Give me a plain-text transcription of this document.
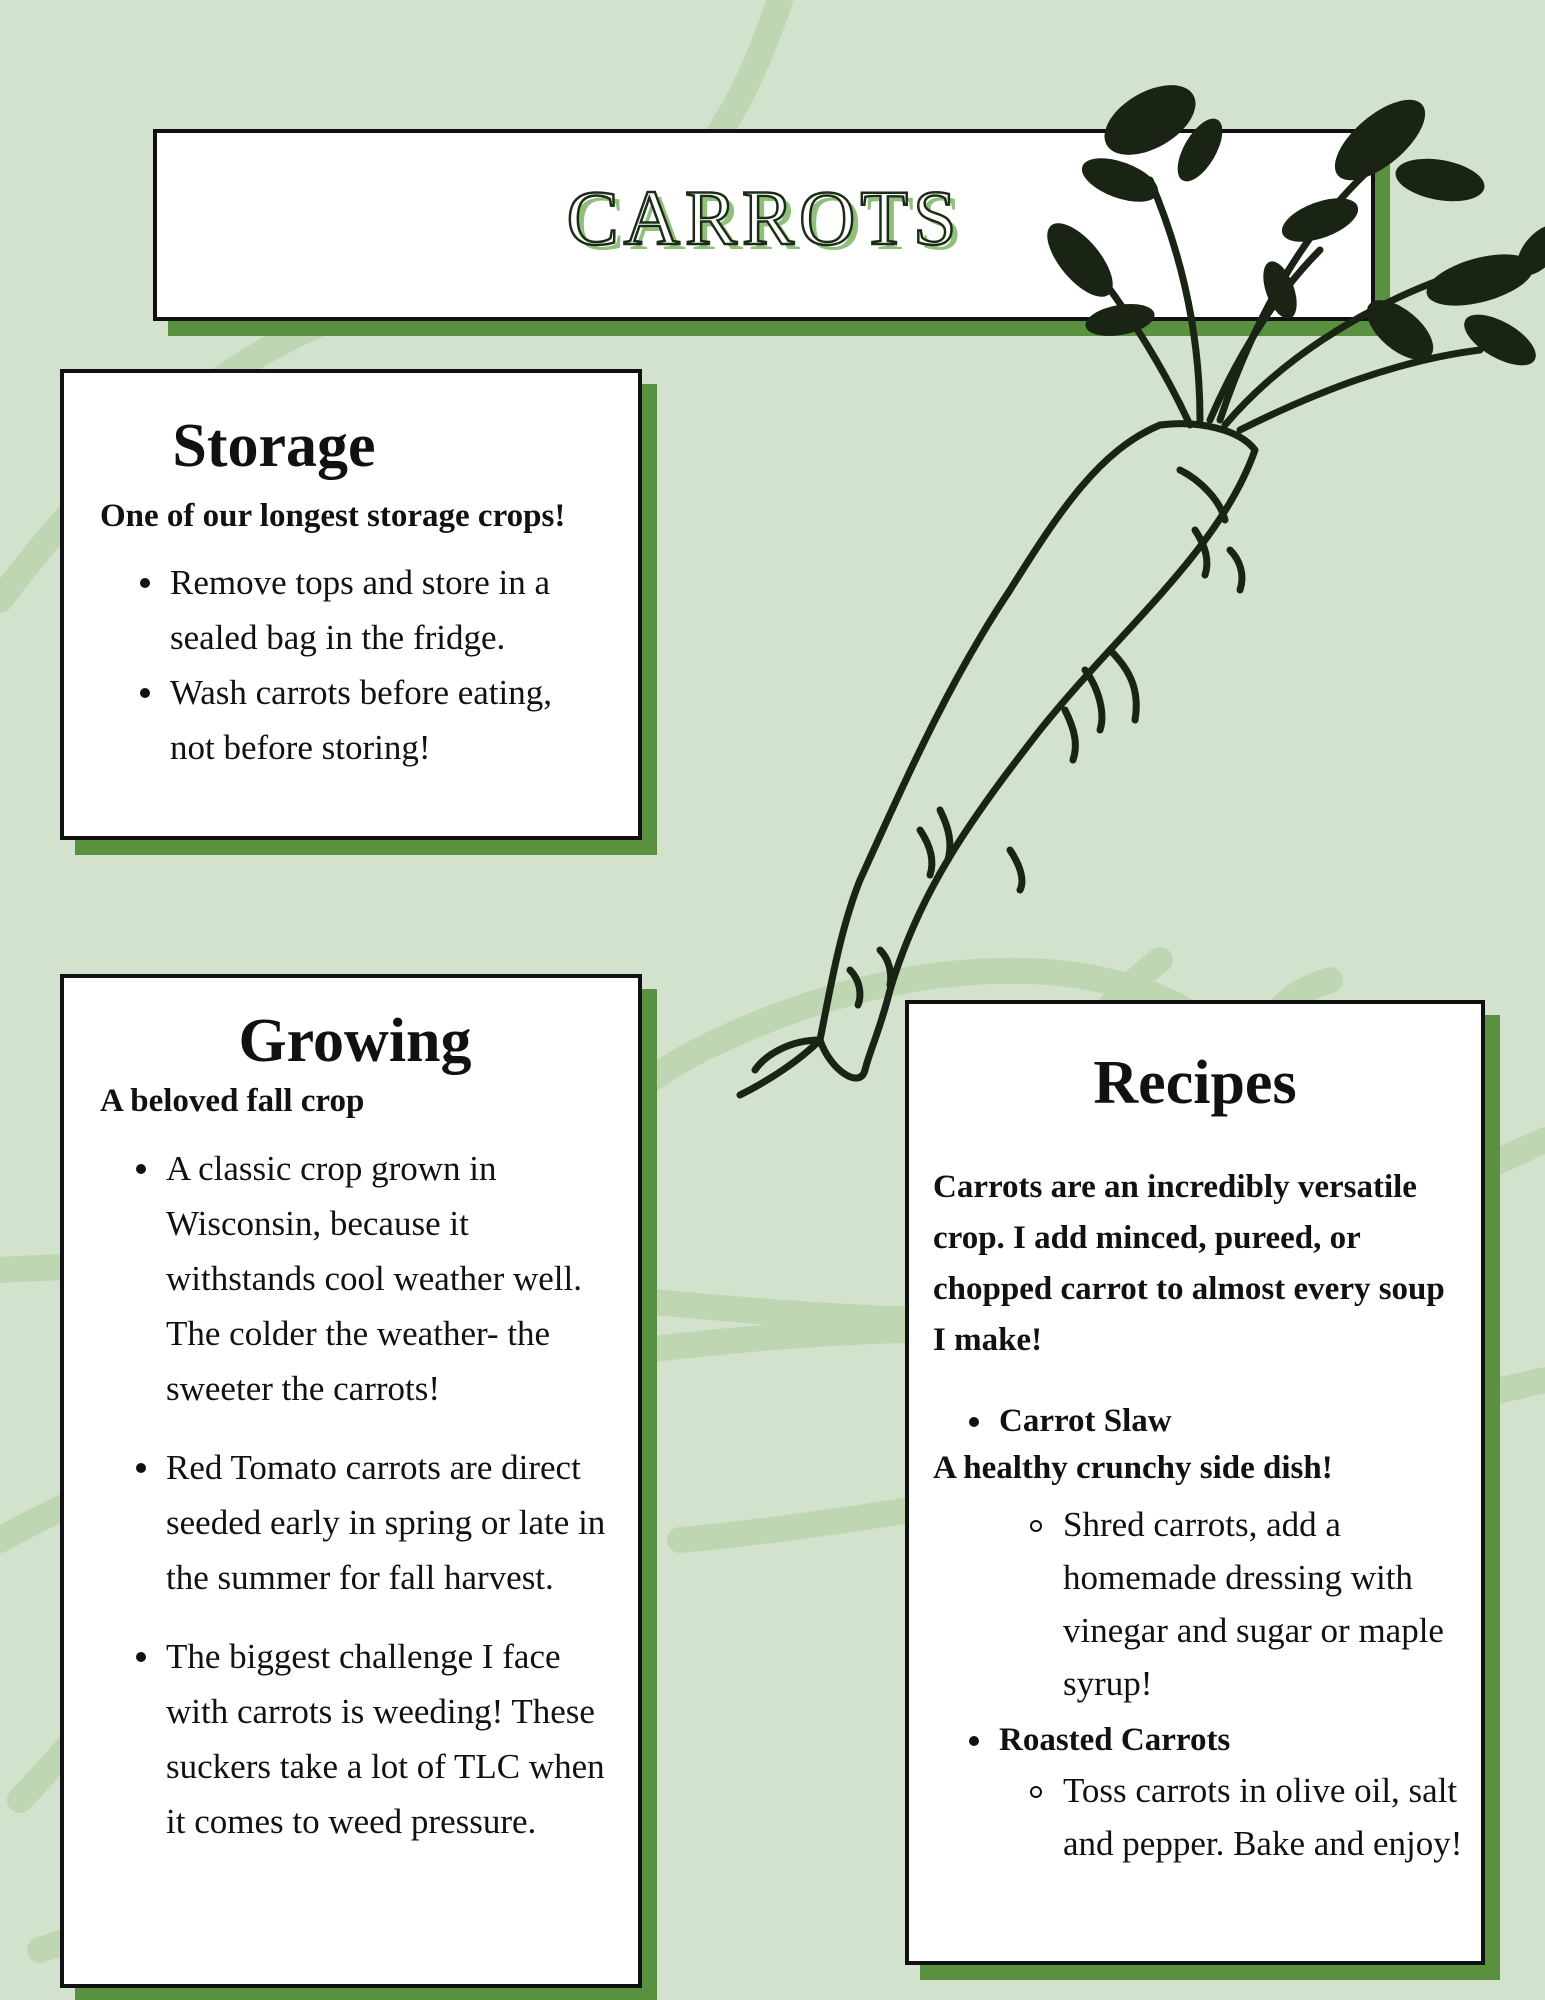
CARROTS
Storage
One of our longest storage crops!
Remove tops and store in a sealed bag in the fridge.
Wash carrots before eating, not before storing!
Growing
A beloved fall crop
A classic crop grown in Wisconsin, because it withstands cool weather well. The colder the weather- the sweeter the carrots!
Red Tomato carrots are direct seeded early in spring or late in the summer for fall harvest.
The biggest challenge I face with carrots is weeding! These suckers take a lot of TLC when it comes to weed pressure.
Recipes
Carrots are an incredibly versatile crop. I add minced, pureed, or chopped carrot to almost every soup I make!
Carrot Slaw
A healthy crunchy side dish!
Shred carrots, add a homemade dressing with vinegar and sugar or maple syrup!
Roasted Carrots
Toss carrots in olive oil, salt and pepper. Bake and enjoy!
